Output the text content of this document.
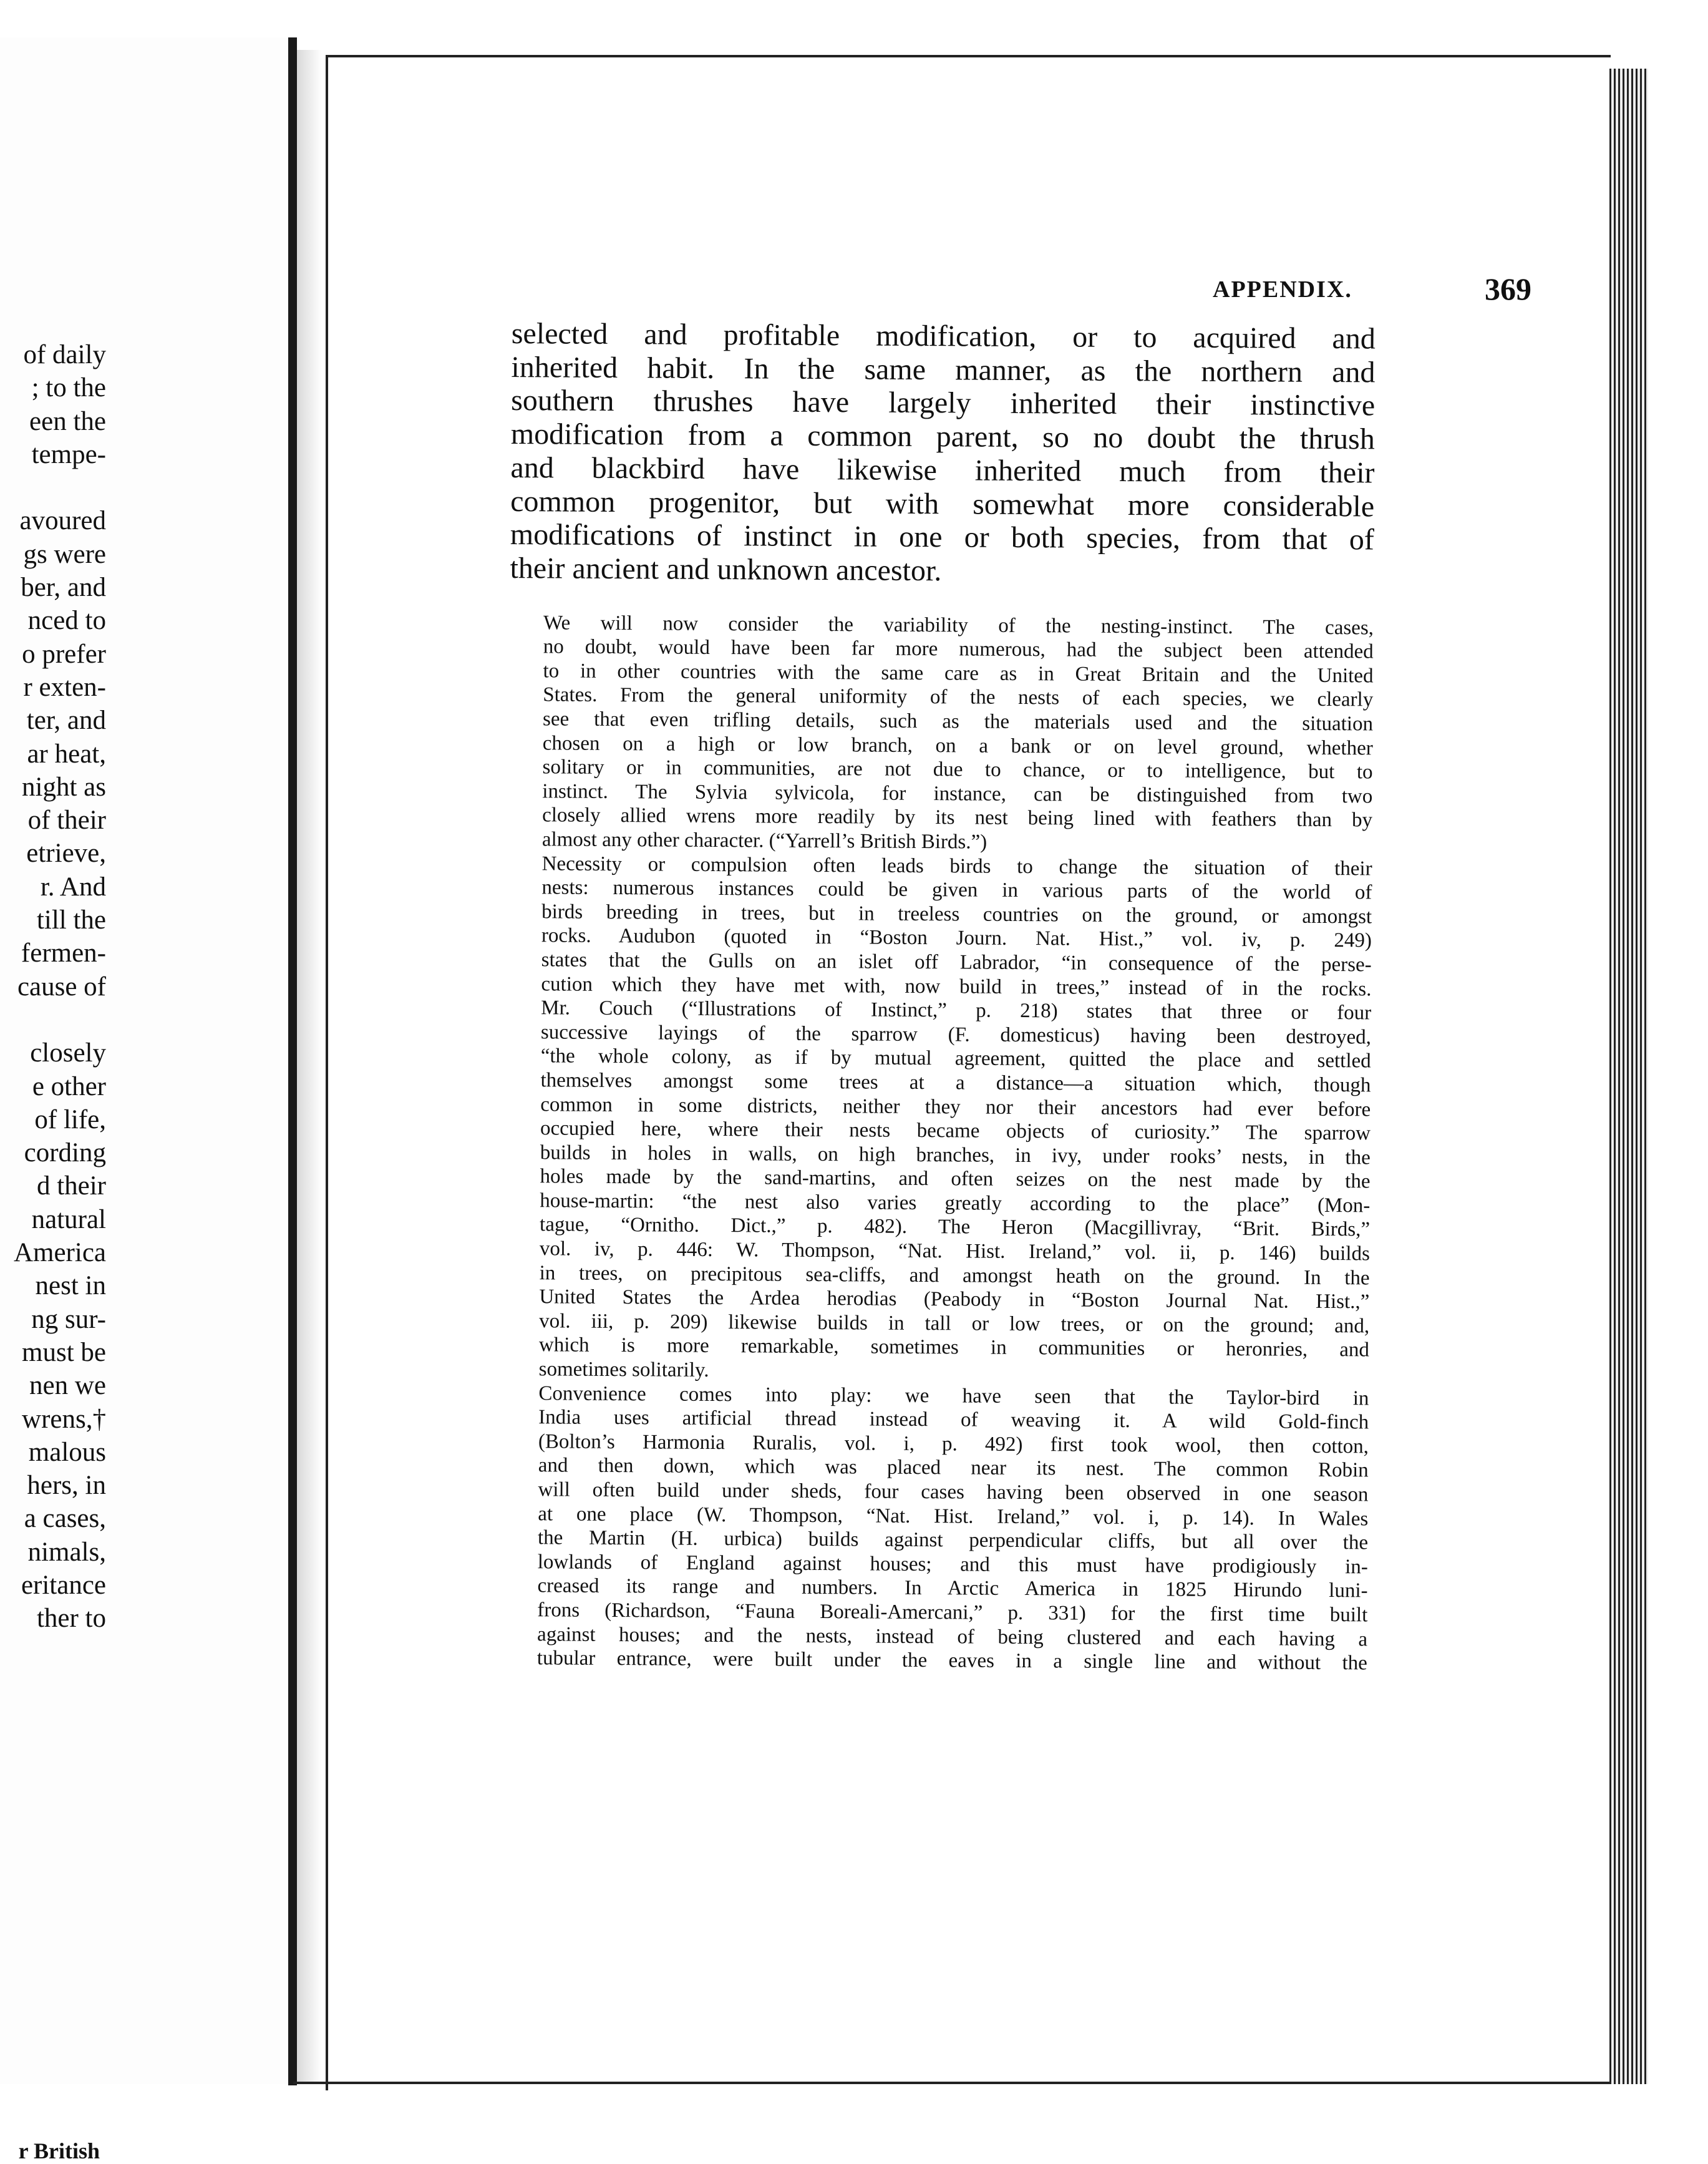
of daily
; to the
een the
tempe-
avoured
gs were
ber, and
nced to
o prefer
r exten-
ter, and
ar heat,
night as
of their
etrieve,
r. And
till the
fermen-
cause of
closely
e other
of life,
cording
d their
natural
America
nest in
ng sur-
must be
nen we
wrens,†
malous
hers, in
a cases,
nimals,
eritance
ther to
r British
APPENDIX.	369

selected and profitable modification, or to acquired and
inherited habit. In the same manner, as the northern and
southern thrushes have largely inherited their instinctive
modification from a common parent, so no doubt the thrush
and blackbird have likewise inherited much from their
common progenitor, but with somewhat more considerable
modifications of instinct in one or both species, from that of
their ancient and unknown ancestor.

We will now consider the variability of the nesting-instinct. The cases,
no doubt, would have been far more numerous, had the subject been attended
to in other countries with the same care as in Great Britain and the United
States. From the general uniformity of the nests of each species, we clearly
see that even trifling details, such as the materials used and the situation
chosen on a high or low branch, on a bank or on level ground, whether
solitary or in communities, are not due to chance, or to intelligence, but to
instinct. The Sylvia sylvicola, for instance, can be distinguished from two
closely allied wrens more readily by its nest being lined with feathers than by
almost any other character. (“Yarrell’s British Birds.”)

Necessity or compulsion often leads birds to change the situation of their
nests: numerous instances could be given in various parts of the world of
birds breeding in trees, but in treeless countries on the ground, or amongst
rocks. Audubon (quoted in “Boston Journ. Nat. Hist.,” vol. iv, p. 249)
states that the Gulls on an islet off Labrador, “in consequence of the perse-
cution which they have met with, now build in trees,” instead of in the rocks.
Mr. Couch (“Illustrations of Instinct,” p. 218) states that three or four
successive layings of the sparrow (F. domesticus) having been destroyed,
“the whole colony, as if by mutual agreement, quitted the place and settled
themselves amongst some trees at a distance—a situation which, though
common in some districts, neither they nor their ancestors had ever before
occupied here, where their nests became objects of curiosity.” The sparrow
builds in holes in walls, on high branches, in ivy, under rooks’ nests, in the
holes made by the sand-martins, and often seizes on the nest made by the
house-martin: “the nest also varies greatly according to the place” (Mon-
tague, “Ornitho. Dict.,” p. 482). The Heron (Macgillivray, “Brit. Birds,”
vol. iv, p. 446: W. Thompson, “Nat. Hist. Ireland,” vol. ii, p. 146) builds
in trees, on precipitous sea-cliffs, and amongst heath on the ground. In the
United States the Ardea herodias (Peabody in “Boston Journal Nat. Hist.,”
vol. iii, p. 209) likewise builds in tall or low trees, or on the ground; and,
which is more remarkable, sometimes in communities or heronries, and
sometimes solitarily.

Convenience comes into play: we have seen that the Taylor-bird in
India uses artificial thread instead of weaving it. A wild Gold-finch
(Bolton’s Harmonia Ruralis, vol. i, p. 492) first took wool, then cotton,
and then down, which was placed near its nest. The common Robin
will often build under sheds, four cases having been observed in one season
at one place (W. Thompson, “Nat. Hist. Ireland,” vol. i, p. 14). In Wales
the Martin (H. urbica) builds against perpendicular cliffs, but all over the
lowlands of England against houses; and this must have prodigiously in-
creased its range and numbers. In Arctic America in 1825 Hirundo luni-
frons (Richardson, “Fauna Boreali-Amercani,” p. 331) for the first time built
against houses; and the nests, instead of being clustered and each having a
tubular entrance, were built under the eaves in a single line and without the
